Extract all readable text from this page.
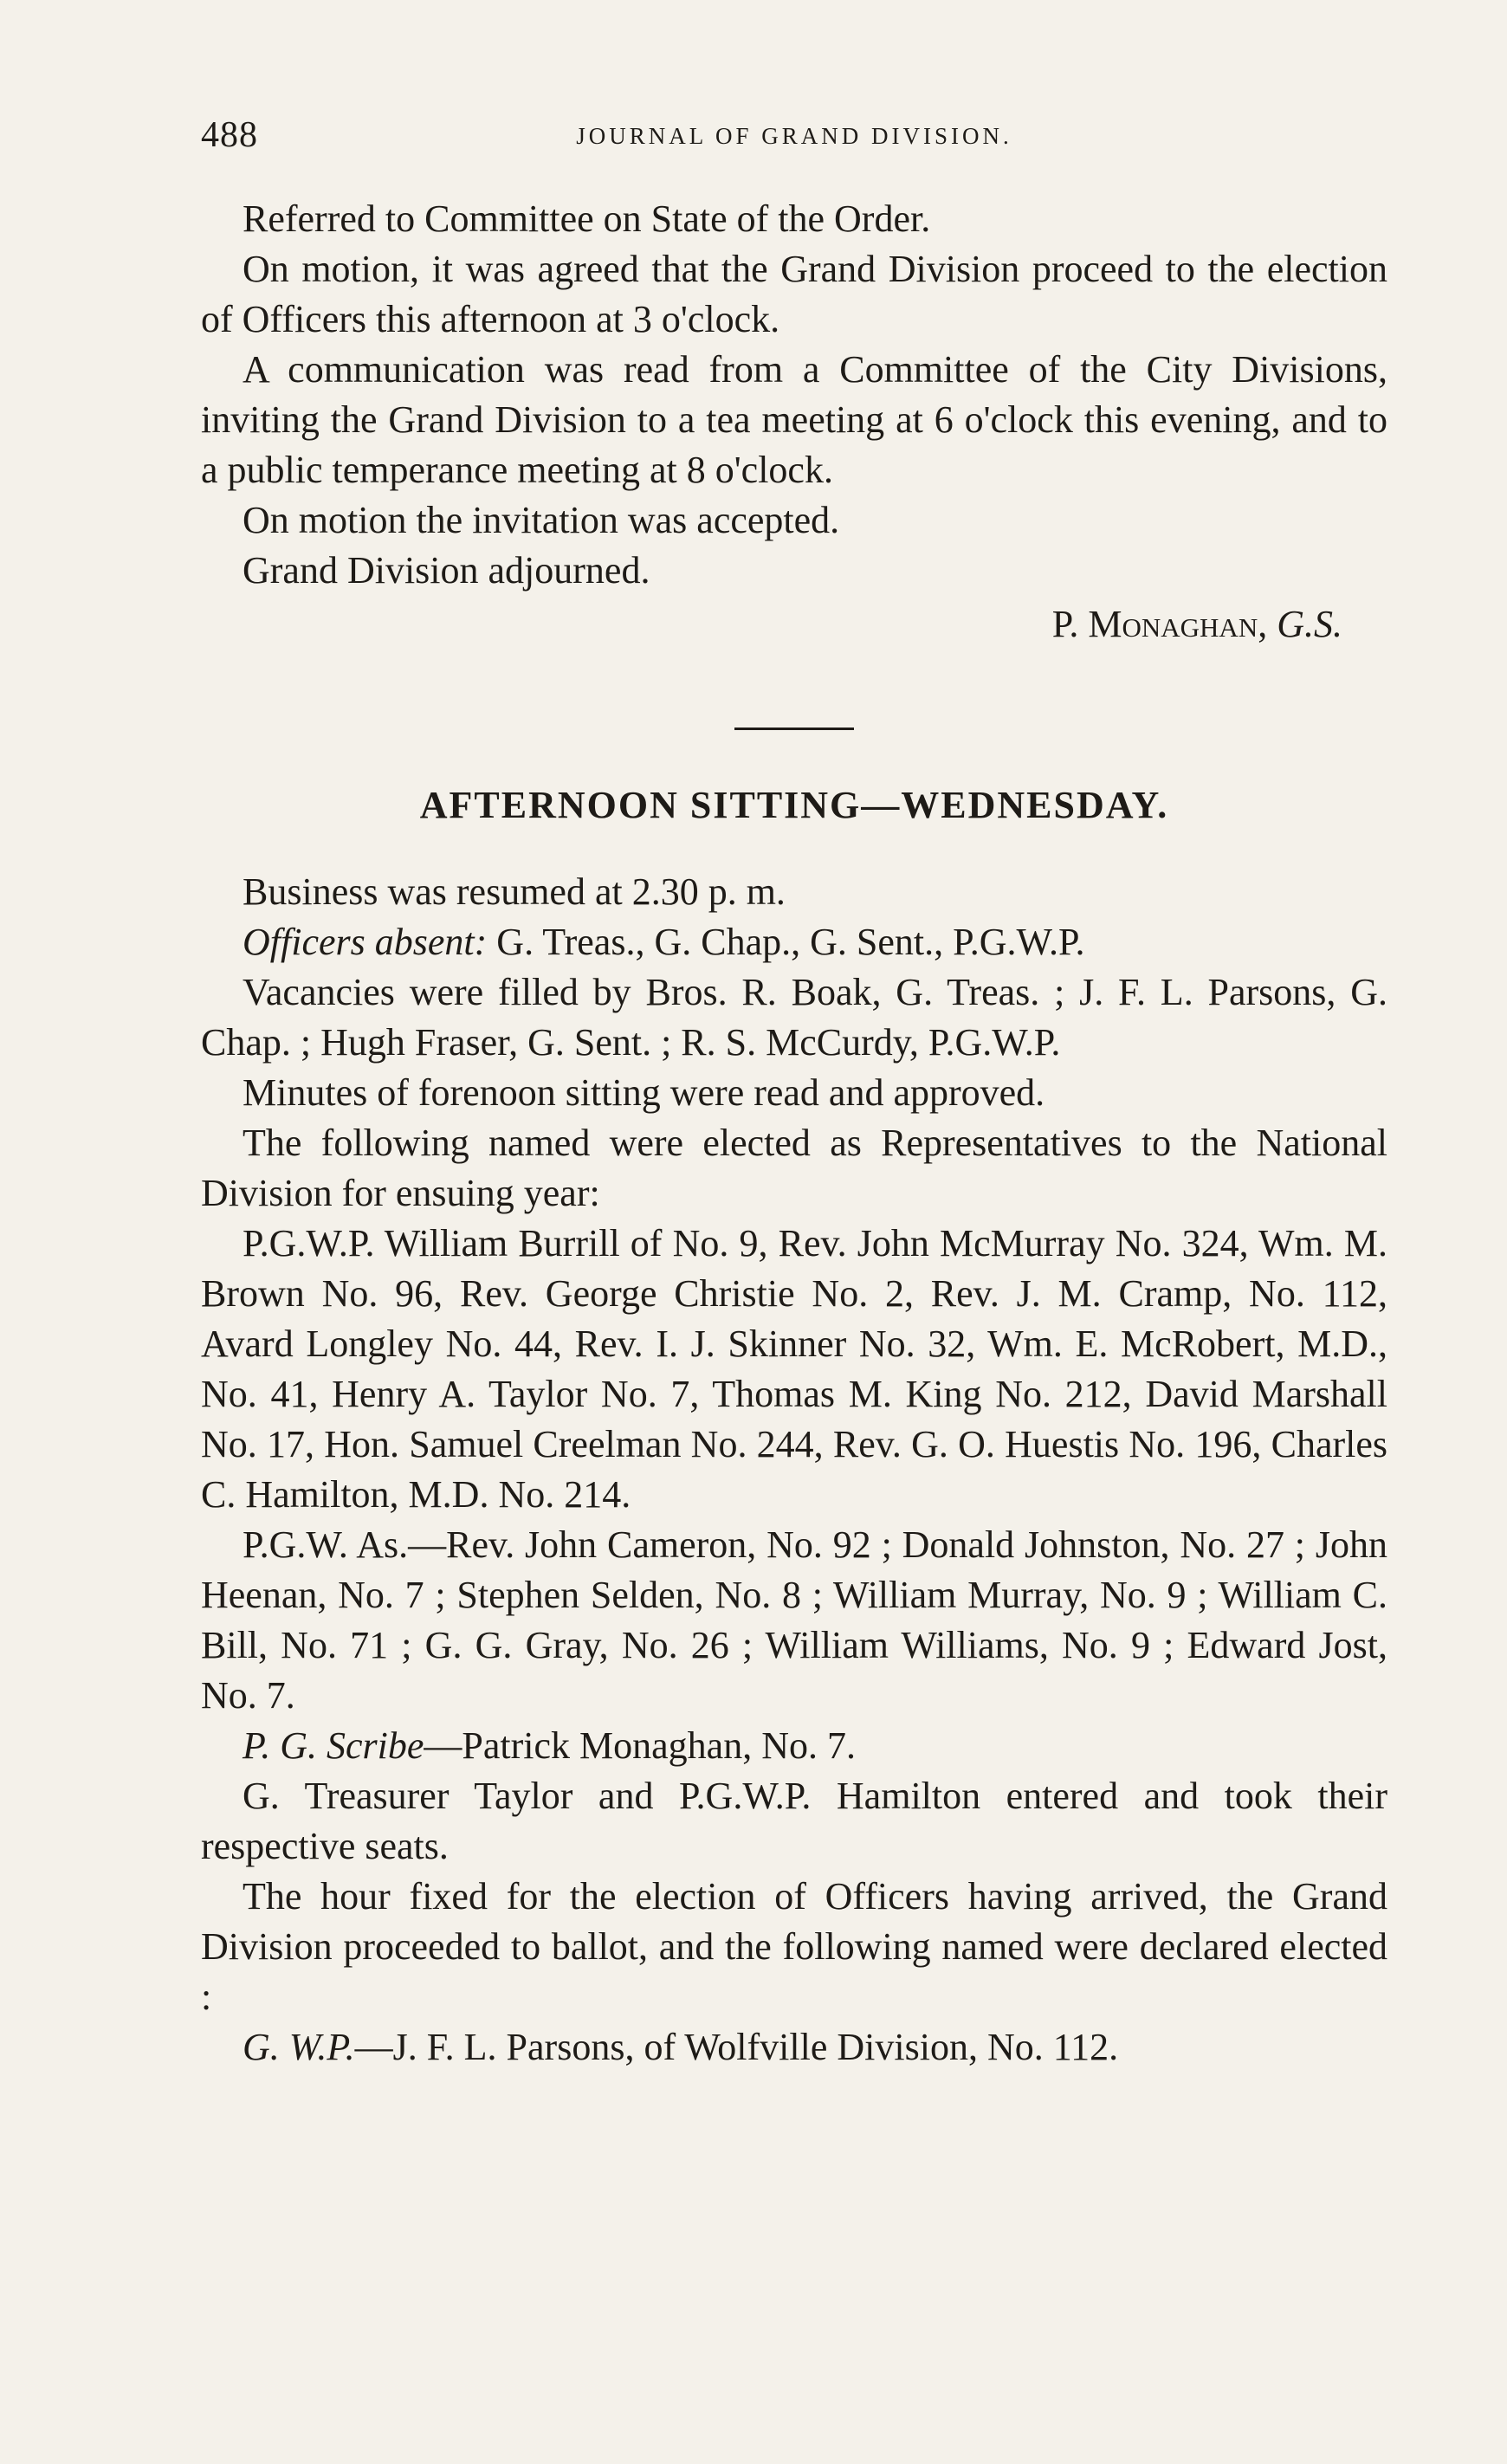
488	JOURNAL OF GRAND DIVISION.

Referred to Committee on State of the Order.

On motion, it was agreed that the Grand Division proceed to the election of Officers this afternoon at 3 o'clock.

A communication was read from a Committee of the City Divisions, inviting the Grand Division to a tea meeting at 6 o'clock this evening, and to a public temperance meeting at 8 o'clock.

On motion the invitation was accepted.

Grand Division adjourned.

P. Monaghan, G.S.

AFTERNOON SITTING—WEDNESDAY.

Business was resumed at 2.30 p. m.

Officers absent: G. Treas., G. Chap., G. Sent., P.G.W.P.

Vacancies were filled by Bros. R. Boak, G. Treas. ; J. F. L. Parsons, G. Chap. ; Hugh Fraser, G. Sent. ; R. S. McCurdy, P.G.W.P.

Minutes of forenoon sitting were read and approved.

The following named were elected as Representatives to the National Division for ensuing year:

P.G.W.P. William Burrill of No. 9, Rev. John McMurray No. 324, Wm. M. Brown No. 96, Rev. George Christie No. 2, Rev. J. M. Cramp, No. 112, Avard Longley No. 44, Rev. I. J. Skinner No. 32, Wm. E. McRobert, M.D., No. 41, Henry A. Taylor No. 7, Thomas M. King No. 212, David Marshall No. 17, Hon. Samuel Creelman No. 244, Rev. G. O. Huestis No. 196, Charles C. Hamilton, M.D. No. 214.

P.G.W. As.—Rev. John Cameron, No. 92 ; Donald Johnston, No. 27 ; John Heenan, No. 7 ; Stephen Selden, No. 8 ; William Murray, No. 9 ; William C. Bill, No. 71 ; G. G. Gray, No. 26 ; William Williams, No. 9 ; Edward Jost, No. 7.

P. G. Scribe—Patrick Monaghan, No. 7.

G. Treasurer Taylor and P.G.W.P. Hamilton entered and took their respective seats.

The hour fixed for the election of Officers having arrived, the Grand Division proceeded to ballot, and the following named were declared elected :

G. W.P.—J. F. L. Parsons, of Wolfville Division, No. 112.
